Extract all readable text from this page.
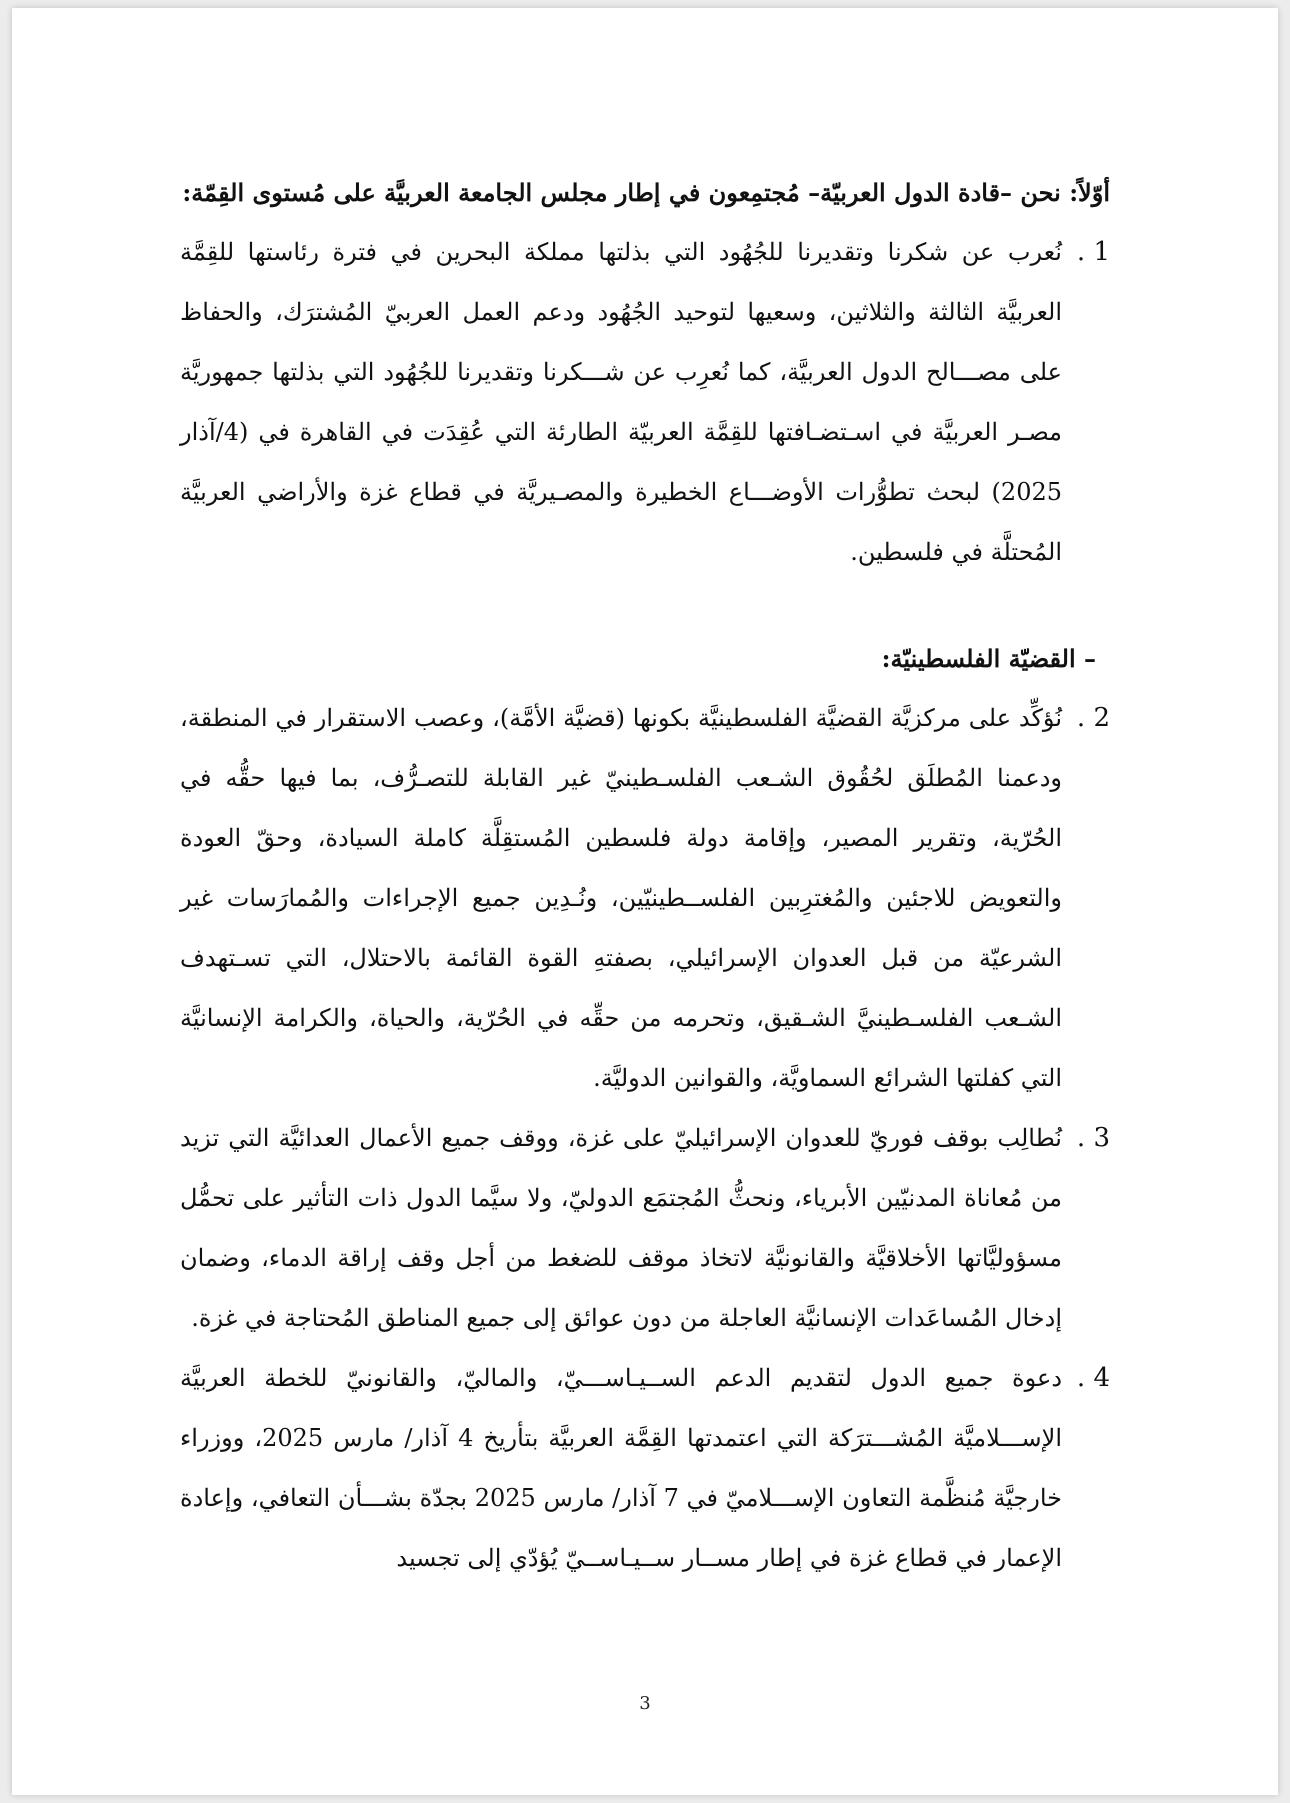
أوّلاً: نحن –قادة الدول العربيّة– مُجتمِعون في إطار مجلس الجامعة العربيَّة على مُستوى القِمّة:

1 .
نُعرب عن شكرنا وتقديرنا للجُهُود التي بذلتها مملكة البحرين في فترة رئاستها للقِمَّة العربيَّة الثالثة والثلاثين، وسعيها لتوحيد الجُهُود ودعم العمل العربيّ المُشترَك، والحفاظ على مصـــالح الدول العربيَّة، كما نُعرِب عن شـــكرنا وتقديرنا للجُهُود التي بذلتها جمهوريَّة مصـر العربيَّة في اسـتضـافتها للقِمَّة العربيّة الطارئة التي عُقِدَت في القاهرة في (4/آذار 2025) لبحث تطوُّرات الأوضـــاع الخطيرة والمصـيريَّة في قطاع غزة والأراضي العربيَّة المُحتلَّة في فلسطين.

– القضيّة الفلسطينيّة:

2 .
نُؤكِّد على مركزيَّة القضيَّة الفلسطينيَّة بكونها (قضيَّة الأمَّة)، وعصب الاستقرار في المنطقة، ودعمنا المُطلَق لحُقُوق الشـعب الفلسـطينيّ غير القابلة للتصـرُّف، بما فيها حقُّه في الحُرّية، وتقرير المصير، وإقامة دولة فلسطين المُستقِلَّة كاملة السيادة، وحقّ العودة والتعويض للاجئين والمُغترِبين الفلســطينيّين، ونُـدِين جميع الإجراءات والمُمارَسات غير الشرعيّة من قبل العدوان الإسرائيلي، بصفتهِ القوة القائمة بالاحتلال، التي تسـتهدف الشـعب الفلسـطينيَّ الشـقيق، وتحرمه من حقِّه في الحُرّية، والحياة، والكرامة الإنسانيَّة التي كفلتها الشرائع السماويَّة، والقوانين الدوليَّة.
3 .
نُطالِب بوقف فوريّ للعدوان الإسرائيليّ على غزة، ووقف جميع الأعمال العدائيَّة التي تزيد من مُعاناة المدنيّين الأبرياء، ونحثُّ المُجتمَع الدوليّ، ولا سيَّما الدول ذات التأثير على تحمُّل مسؤوليَّاتها الأخلاقيَّة والقانونيَّة لاتخاذ موقف للضغط من أجل وقف إراقة الدماء، وضمان إدخال المُساعَدات الإنسانيَّة العاجلة من دون عوائق إلى جميع المناطق المُحتاجة في غزة.
4 .
دعوة جميع الدول لتقديم الدعم الســيـاســـيّ، والماليّ، والقانونيّ للخطة العربيَّة الإســـلاميَّة المُشـــترَكة التي اعتمدتها القِمَّة العربيَّة بتأريخ 4 آذار/ مارس 2025، ووزراء خارجيَّة مُنظَّمة التعاون الإســـلاميّ في 7 آذار/ مارس 2025 بجدّة بشـــأن التعافي، وإعادة الإعمار في قطاع غزة في إطار مســار ســيـاســيّ يُؤدّي إلى تجسيد
3
